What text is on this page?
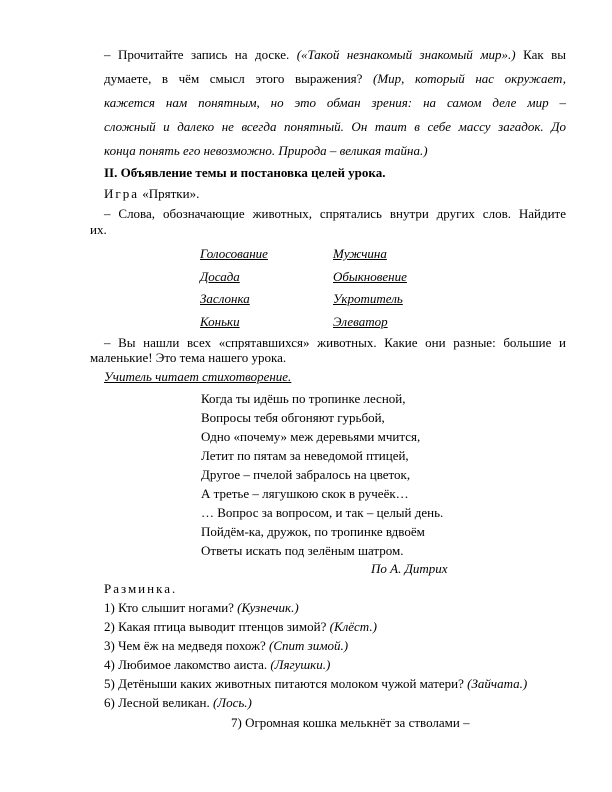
– Прочитайте запись на доске. («Такой незнакомый знакомый мир».) Как вы
думаете, в чём смысл этого выражения? (Мир, который нас окружает,
кажется нам понятным, но это обман зрения: на самом деле мир –
сложный и далеко не всегда понятный. Он таит в себе массу загадок. До
конца понять его невозможно. Природа – великая тайна.)
II. Объявление темы и постановка целей урока.
Игра «Прятки».
– Слова, обозначающие животных, спрятались внутри других слов. Найдите
их.
Голосование
Досада
Заслонка
Коньки
Мужчина
Обыкновение
Укротитель
Элеватор
– Вы нашли всех «спрятавшихся» животных. Какие они разные: большие и
маленькие! Это тема нашего урока.
Учитель читает стихотворение.
Когда ты идёшь по тропинке лесной,
Вопросы тебя обгоняют гурьбой,
Одно «почему» меж деревьями мчится,
Летит по пятам за неведомой птицей,
Другое – пчелой забралось на цветок,
А третье – лягушкою скок в ручеёк…
… Вопрос за вопросом, и так – целый день.
Пойдём-ка, дружок, по тропинке вдвоём
Ответы искать под зелёным шатром.
По А. Дитрих
Разминка.
1) Кто слышит ногами? (Кузнечик.)
2) Какая птица выводит птенцов зимой? (Клёст.)
3) Чем ёж на медведя похож? (Спит зимой.)
4) Любимое лакомство аиста. (Лягушки.)
5) Детёныши каких животных питаются молоком чужой матери? (Зайчата.)
6) Лесной великан. (Лось.)
7) Огромная кошка мелькнёт за стволами –
